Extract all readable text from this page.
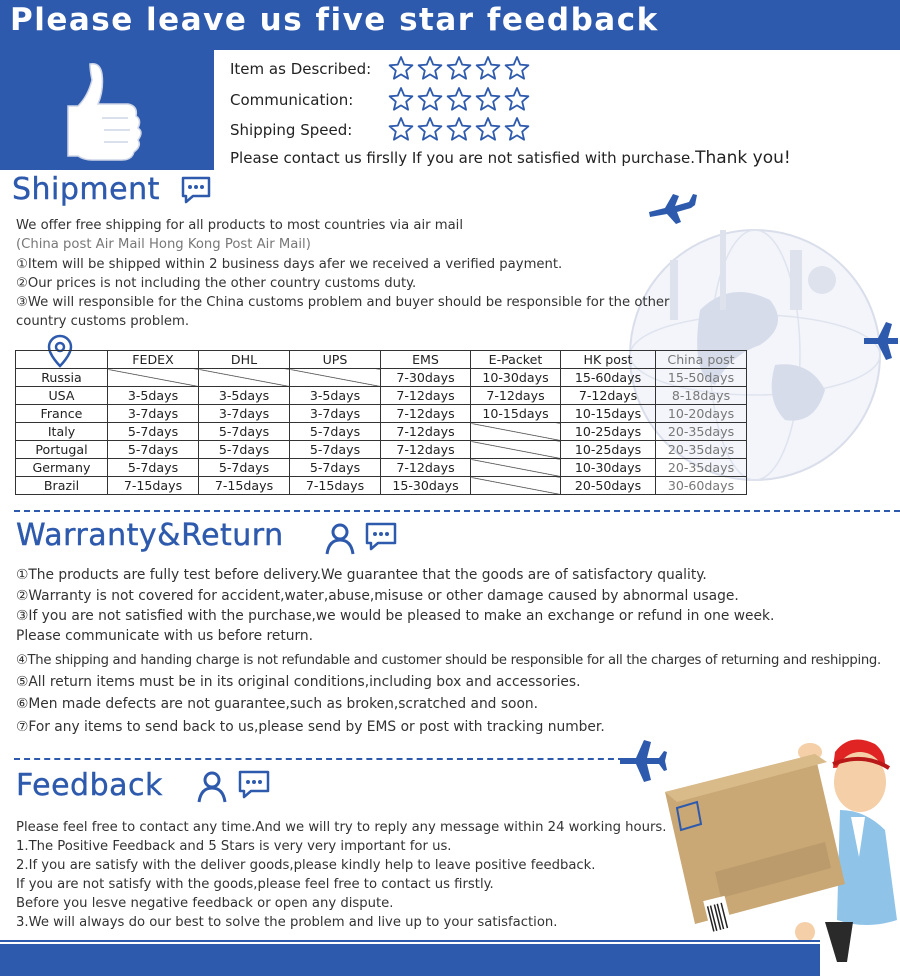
Please leave us five star feedback
Item as Described:
Communication:
Shipping Speed:
Please contact us firslly If you are not satisfied with purchase.Thank you!
Shipment
We offer free shipping for all products to most countries via air mail
(China post Air Mail Hong Kong Post Air Mail)
①Item will be shipped within 2 business days afer we received a verified payment.
②Our prices is not including the other country customs duty.
③We will responsible for the China customs problem and buyer should be responsible for the other
country customs problem.
	FEDEX	DHL	UPS	EMS	E-Packet	HK post	China post
Russia				7-30days	10-30days	15-60days	15-50days
USA	3-5days	3-5days	3-5days	7-12days	7-12days	7-12days	8-18days
France	3-7days	3-7days	3-7days	7-12days	10-15days	10-15days	10-20days
Italy	5-7days	5-7days	5-7days	7-12days		10-25days	20-35days
Portugal	5-7days	5-7days	5-7days	7-12days		10-25days	20-35days
Germany	5-7days	5-7days	5-7days	7-12days		10-30days	20-35days
Brazil	7-15days	7-15days	7-15days	15-30days		20-50days	30-60days
Warranty&Return
①The products are fully test before delivery.We guarantee that the goods are of satisfactory quality.
②Warranty is not covered for accident,water,abuse,misuse or other damage caused by abnormal usage.
③If you are not satisfied with the purchase,we would be pleased to make an exchange or refund in one week.
Please communicate with us before return.
④The shipping and handing charge is not refundable and customer should be responsible for all the charges of returning and reshipping.
⑤All return items must be in its original conditions,including box and accessories.
⑥Men made defects are not guarantee,such as broken,scratched and soon.
⑦For any items to send back to us,please send by EMS or post with tracking number.
Feedback
Please feel free to contact any time.And we will try to reply any message within 24 working hours.
1.The Positive Feedback and 5 Stars is very very important for us.
2.If you are satisfy with the deliver goods,please kindly help to leave positive feedback.
If you are not satisfy with the goods,please feel free to contact us firstly.
Before you lesve negative feedback or open any dispute.
3.We will always do our best to solve the problem and live up to your satisfaction.
